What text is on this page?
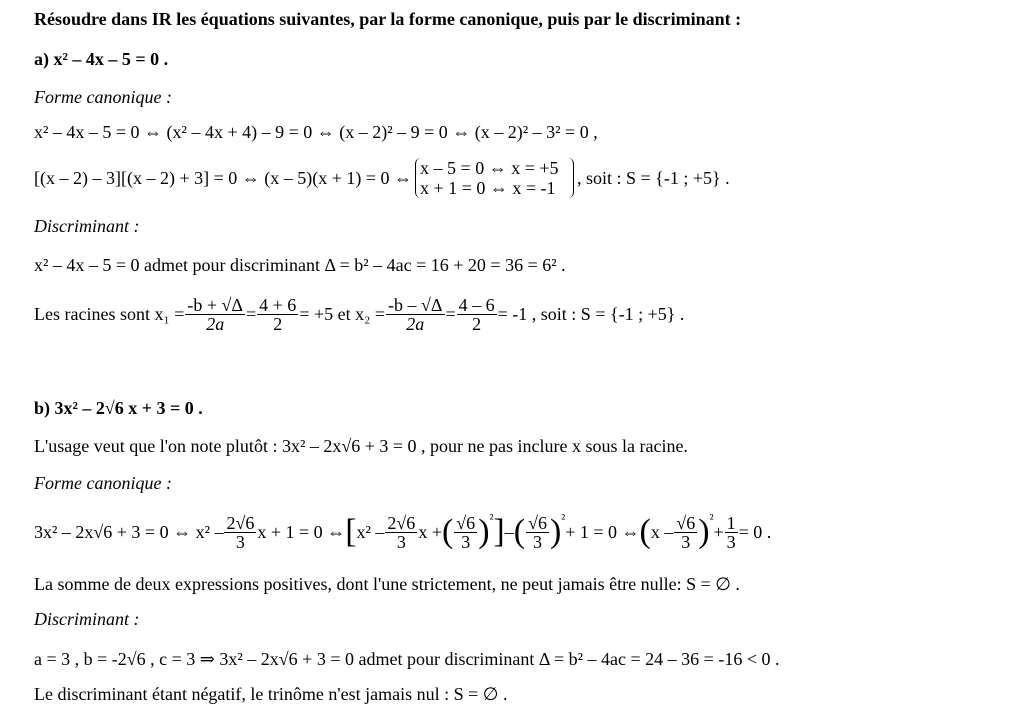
Résoudre dans IR les équations suivantes, par la forme canonique, puis par le discriminant :
a) x² – 4x – 5 = 0 .
Forme canonique :
x² – 4x – 5 = 0 ⇔ (x² – 4x + 4) – 9 = 0 ⇔ (x – 2)² – 9 = 0 ⇔ (x – 2)² – 3² = 0 ,
[(x – 2) – 3][(x – 2) + 3] = 0 ⇔ (x – 5)(x + 1) = 0 ⇔ x – 5 = 0 ⇔ x = +5
x + 1 = 0 ⇔ x = -1

, soit : S = {-1 ; +5} .
Discriminant :
x² – 4x – 5 = 0 admet pour discriminant Δ = b² – 4ac = 16 + 20 = 36 = 6² .
Les racines sont $x_1 = \frac{-b + √\Delta}{2a} = \frac{4 + 6}{2} = +5$ et $x_2 = \frac{-b - √\Delta}{2a} = \frac{4 - 6}{2} = -1$ , soit : S = {-1 ; +5} .
b) 3x² – 2√6 x + 3 = 0 .
L'usage veut que l'on note plutôt : 3x² – 2x√6 + 3 = 0 , pour ne pas inclure x sous la racine.
Forme canonique :
3x² – 2x√6 + 3 = 0 ⇔ $x^2 - \frac{2√6}{3}$ x + 1 = 0 ⇔ [ $x^2 - \frac{2√6}{3}$ x + ( $\frac{√6}{3}$ ) ² ] – ( $\frac{√6}{3}$ ) ²
+ 1 = 0 ⇔ ( x – $\frac{√6}{3}$ ) ²
+ $\frac{1}{3} = 0$ .
La somme de deux expressions positives, dont l'une strictement, ne peut jamais être nulle: S = ∅ .
Discriminant :
a = 3 , b = -2√6 , c = 3 ⇒ 3x² – 2x√6 + 3 = 0 admet pour discriminant Δ = b² – 4ac = 24 – 36 = -16 < 0 .
Le discriminant étant négatif, le trinôme n'est jamais nul : S = ∅ .
